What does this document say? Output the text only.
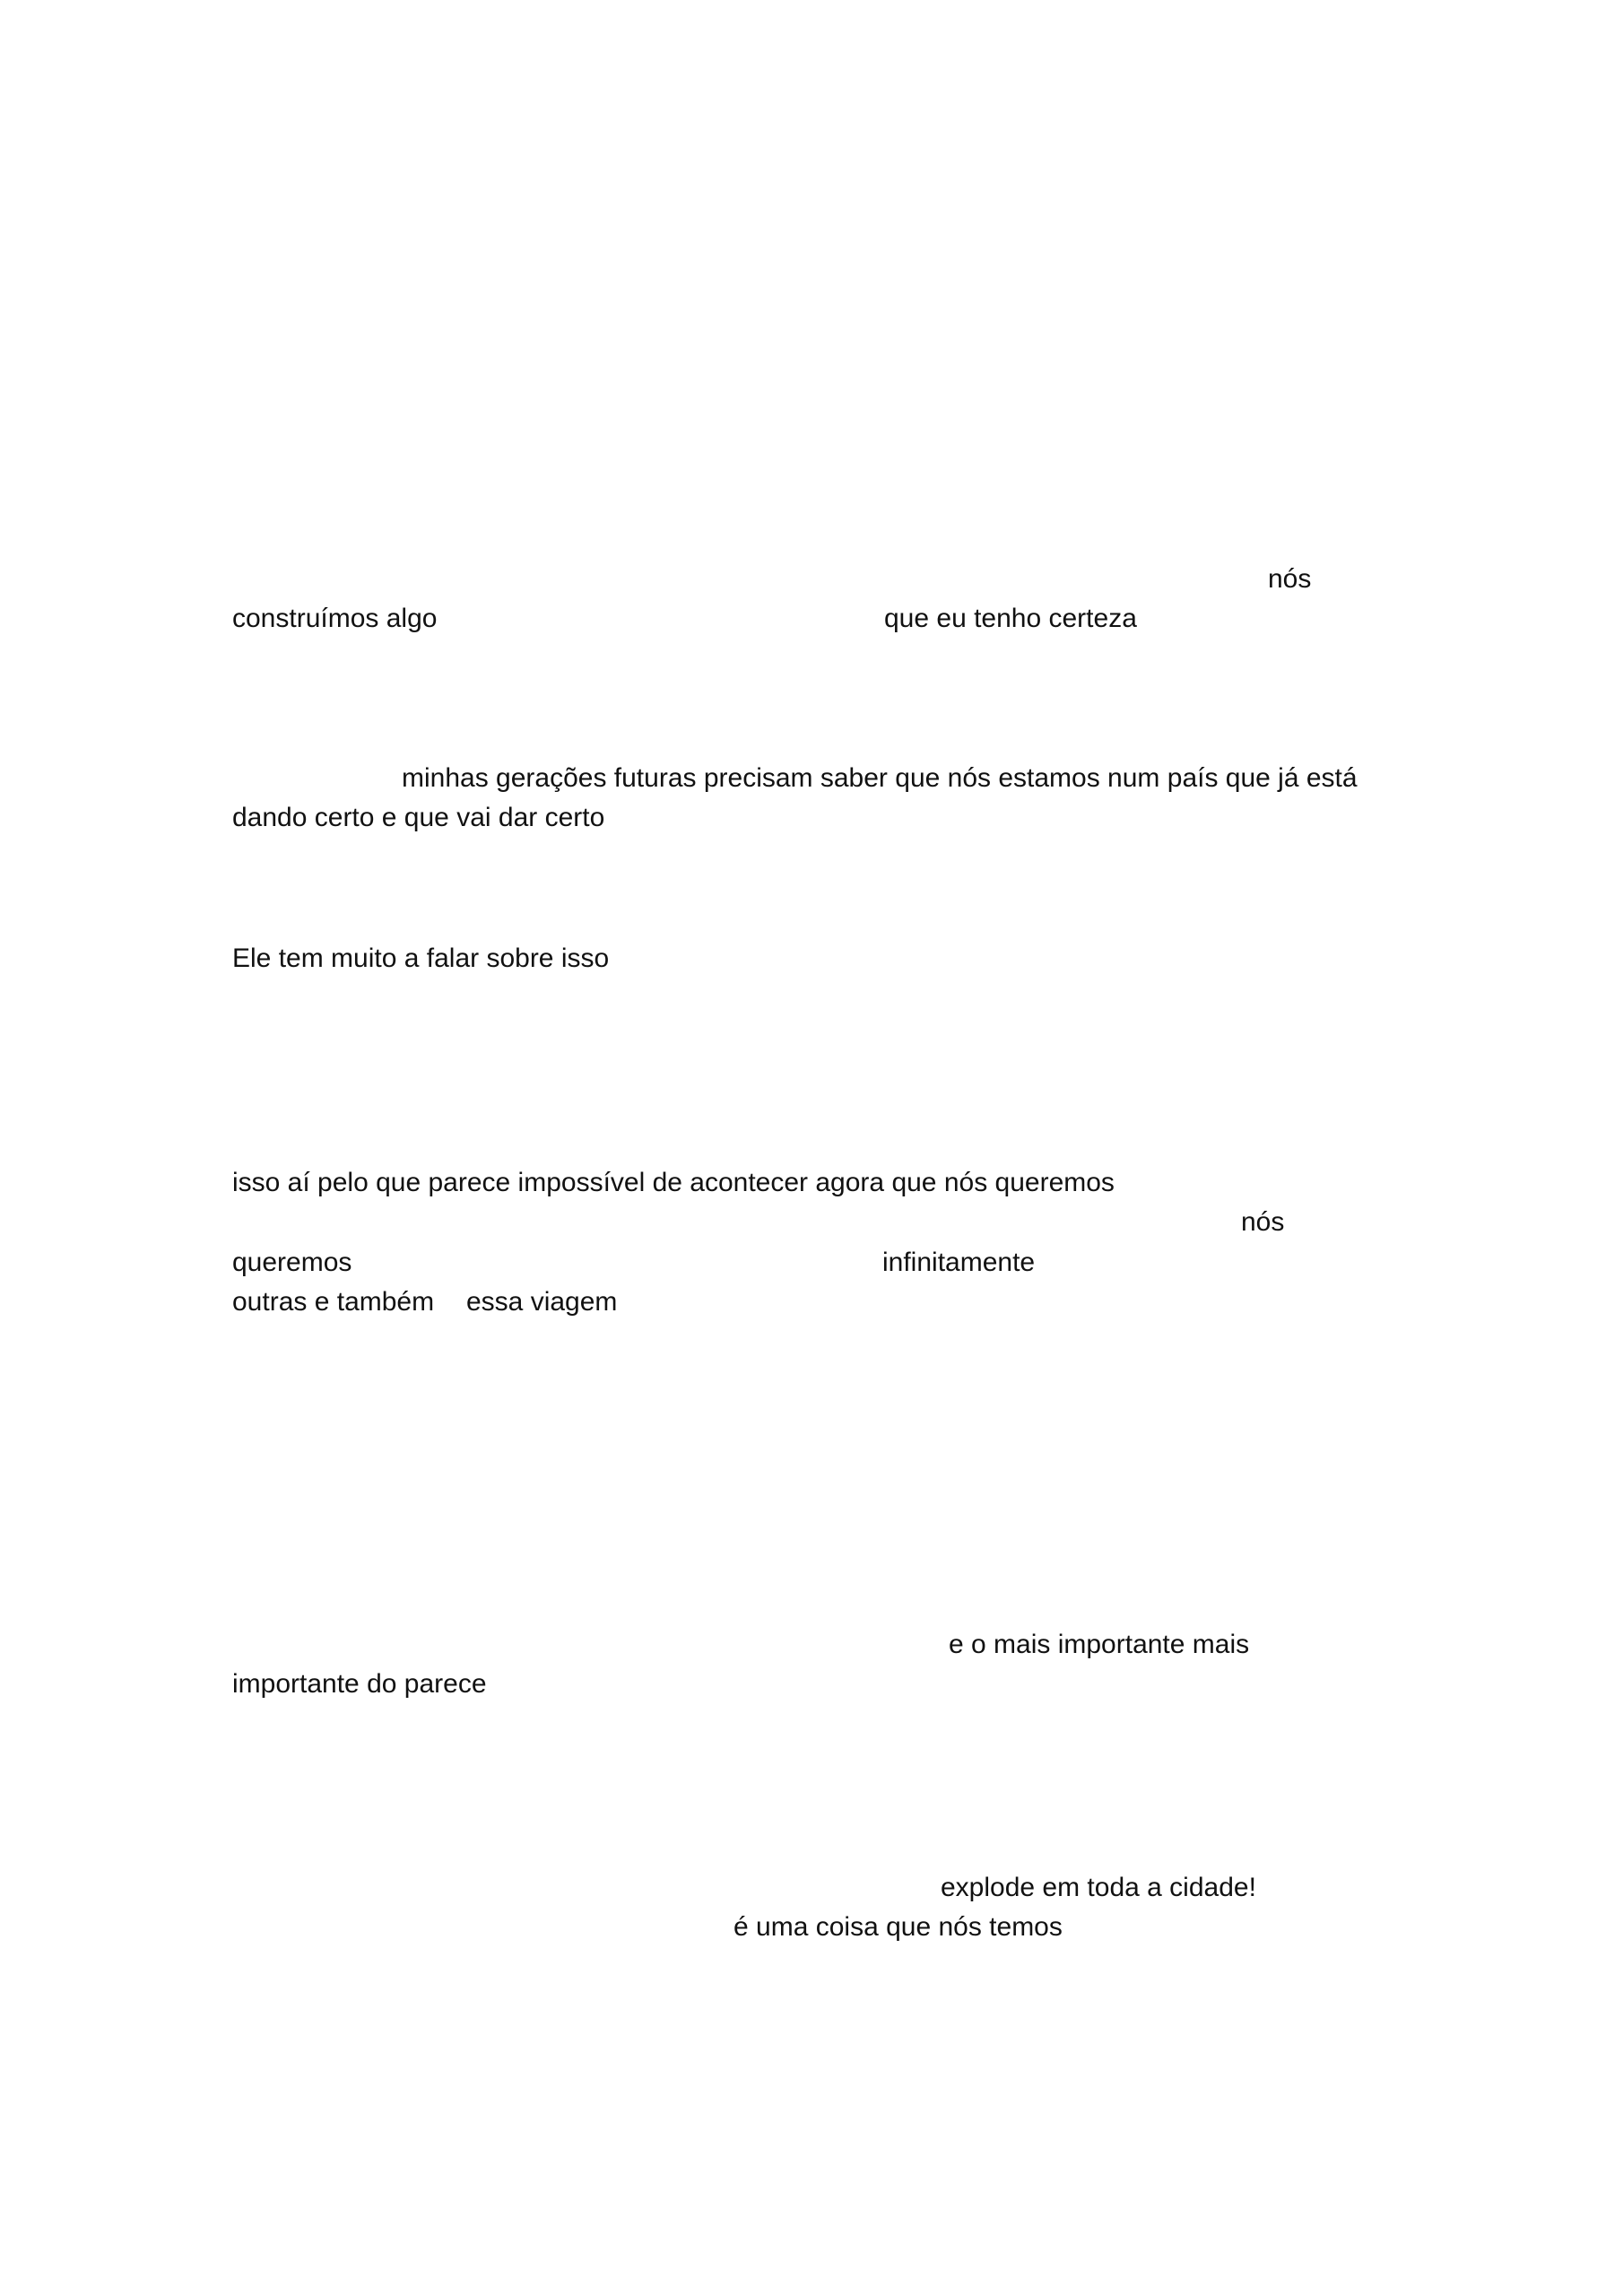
nós
construímos algo	que eu tenho certeza
minhas gerações futuras precisam saber que nós estamos num país que já está
dando certo e que vai dar certo
Ele tem muito a falar sobre isso
isso aí pelo que parece impossível de acontecer agora que nós queremos
nós
queremos	infinitamente
outras e também essa viagem
e o mais importante mais
importante do parece
explode em toda a cidade!
é uma coisa que nós temos
